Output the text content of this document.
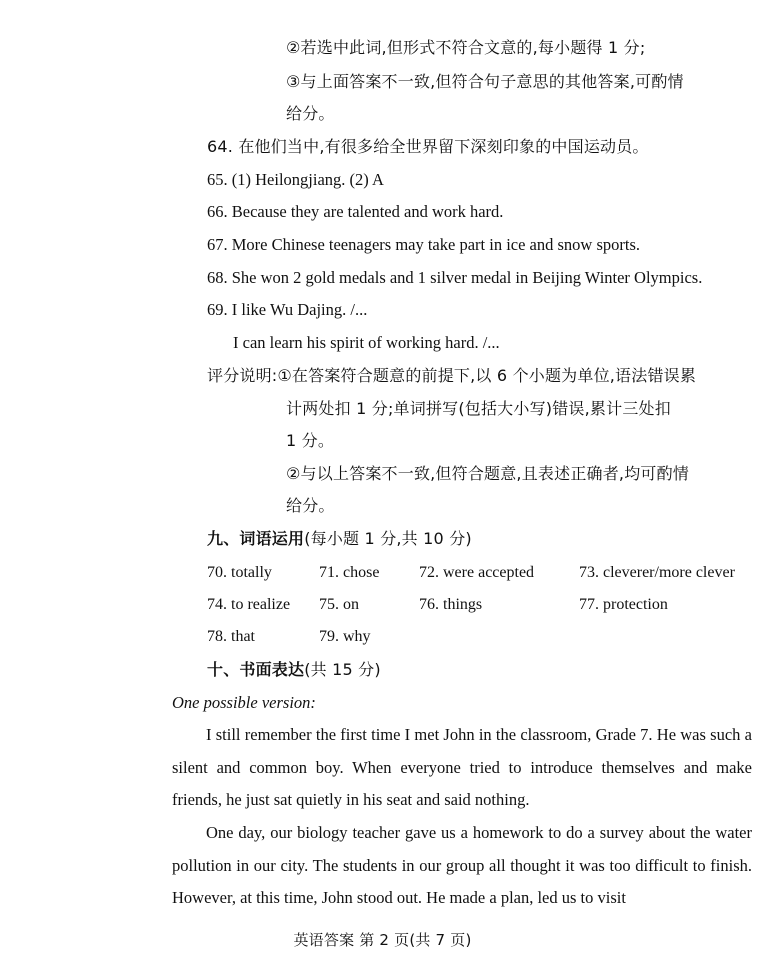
②若选中此词,但形式不符合文意的,每小题得 1 分;
③与上面答案不一致,但符合句子意思的其他答案,可酌情
给分。
64. 在他们当中,有很多给全世界留下深刻印象的中国运动员。
65. (1) Heilongjiang. (2) A
66. Because they are talented and work hard.
67. More Chinese teenagers may take part in ice and snow sports.
68. She won 2 gold medals and 1 silver medal in Beijing Winter Olympics.
69. I like Wu Dajing. /...
I can learn his spirit of working hard. /...
评分说明:①在答案符合题意的前提下,以 6 个小题为单位,语法错误累
计两处扣 1 分;单词拼写(包括大小写)错误,累计三处扣
1 分。
②与以上答案不一致,但符合题意,且表述正确者,均可酌情
给分。
九、词语运用(每小题 1 分,共 10 分)
70. totally	71. chose 72. were accepted	73. cleverer/more clever
74. to realize 75. on	76. things	77. protection
78. that	79. why
十、书面表达(共 15 分)
One possible version:
I still remember the first time I met John in the classroom, Grade 7. He was such a silent and common boy. When everyone tried to introduce themselves and make friends, he just sat quietly in his seat and said nothing.
One day, our biology teacher gave us a homework to do a survey about the water pollution in our city. The students in our group all thought it was too difficult to finish. However, at this time, John stood out. He made a plan, led us to visit
英语答案 第 2 页(共 7 页)
